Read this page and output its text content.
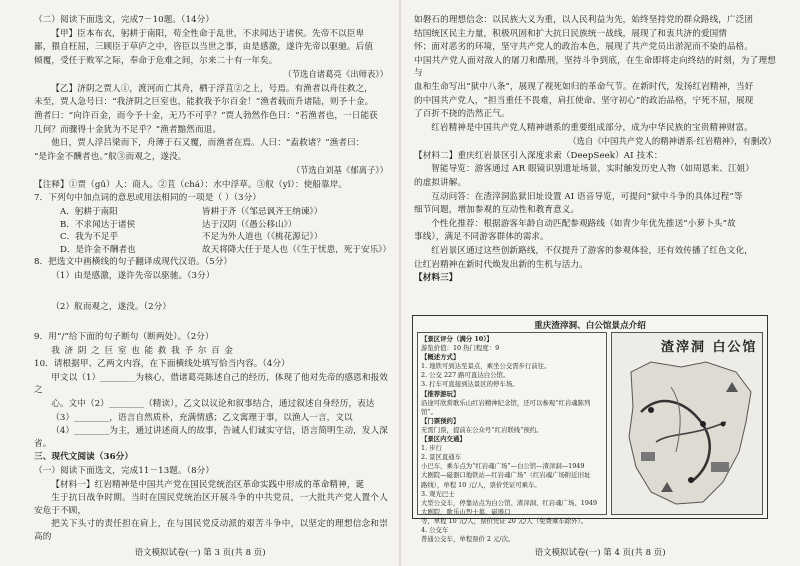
（二）阅读下面选文，完成7－10题。（14分）
【甲】臣本布衣，躬耕于南阳，苟全性命于乱世，不求闻达于诸侯。先帝不以臣卑
鄙，猥自枉屈，三顾臣于草庐之中，咨臣以当世之事，由是感激，遂许先帝以驱驰。后值
倾覆，受任于败军之际，奉命于危难之间，尔来二十有一年矣。
（节选自诸葛亮《出师表》）
【乙】济阴之贾人①，渡河而亡其舟，栖于浮苴②之上，号焉。有渔者以舟往救之，
未至，贾人急号曰：“我济阴之巨室也，能救我予尔百金！”渔者载而升诸陆，则予十金。
渔者曰：“向许百金，而今予十金，无乃不可乎？”贾人勃然作色曰：“若渔者也，一日能获
几何？而骤得十金犹为不足乎？”渔者黯然而退。
他日，贾人浮吕梁而下，舟薄于石又覆，而渔者在焉。人曰：“盍救诸？”渔者曰：
“是许金不酬者也。”舣③而观之，遂没。
（节选自刘基《郁离子》）
【注释】①贾（gǔ）人：商人。②苴（chá）：水中浮草。③舣（yǐ）：使船靠岸。
7．下列句中加点词的意思或用法相同的一项是（ ）（3分）
A．躬耕于南阳	皆耕于齐（《邹忌讽齐王纳谏》）
B．不求闻达于诸侯	达于汉阴（《愚公移山》）
C．我为不足乎	不足为外人道也（《桃花源记》）
D．是许金不酬者也	故天将降大任于是人也（《生于忧患，死于安乐》）
8．把选文中画横线的句子翻译成现代汉语。（5分）
（1）由是感激，遂许先帝以驱驰。（3分）
（2）舣而观之，遂没。（2分）
9．用“/”给下面的句子断句（断两处）。（2分）
我 济 阴 之 巨 室 也 能 救 我 予 尔 百 金
10．请根据甲、乙两文内容，在下面横线处填写恰当内容。（4分）
甲文以（1）________为核心，借诸葛亮陈述自己的经历，体现了他对先帝的感恩和报效之
心。文中（2）________（精读），乙文以议论和叙事结合，通过叙述自身经历，表达
（3）________，语言自然质朴，充满情感；乙文寓理于事，以渔人一言，文以
（4）________为主，通过讲述商人的故事，告诫人们诚实守信，语言简明生动，发人深省。
三、现代文阅读（36分）
（一）阅读下面选文，完成11－13题。（8分）
【材料一】红岩精神是中国共产党在国民党统治区革命实践中形成的革命精神，诞
生于抗日战争时期。当时在国民党统治区开展斗争的中共党员，一大批共产党人置个人安危于不顾，
把关下头寸的责任担在肩上，在与国民党反动派的艰苦斗争中，以坚定的理想信念和崇高的
语文模拟试卷(一) 第 3 页(共 8 页)
如磐石的理想信念：以民族大义为重，以人民利益为先，始终坚持党的群众路线，广泛团
结国统区民主力量，积极巩固和扩大抗日民族统一战线，展现了和衷共济的爱国情
怀；面对恶劣的环境，坚守共产党人的政治本色，展现了共产党员出淤泥而不染的品格。
中国共产党人面对敌人的屠刀和酷刑，坚持斗争到底，在生命即将走向终结的时刻，为了理想与
血和生命写出“狱中八条”，展现了视死如归的革命气节。在新时代，发扬红岩精神，当好
的中国共产党人，“担当重任不畏难，肩扛使命、坚守初心”的政治品格，宁死不屈，展现
了百折不挠的浩然正气。
红岩精神是中国共产党人精神谱系的重要组成部分，成为中华民族的宝贵精神财富。
（选自《中国共产党人的精神谱系·红岩精神》，有删改）
【材料二】重庆红岩景区引入深度求索（DeepSeek）AI 技术：
智能导览：游客通过 AR 眼镜识别遗址场景，实时触发历史人物（如周恩来、江姐）
的虚拟讲解。
互动问答：在渣滓洞监狱旧址设置 AI 语音导览，可提问“狱中斗争的具体过程”等
细节问题，增加参观的互动性和教育意义。
个性化推荐：根据游客年龄自动匹配参观路线（如青少年优先推送“小萝卜头”故
事线），满足不同游客群体的需求。
红岩景区通过这些创新路线，不仅提升了游客的参观体验，还有效传播了红色文化，
让红岩精神在新时代焕发出新的生机与活力。
【材料三】
语文模拟试卷(一) 第 4 页(共 8 页)
重庆渣滓洞、白公馆景点介绍
【景区评分（满分 10）】
游览价值：10 热门程度：9
【概述方式】
1. 地铁可到达至景点，乘坐公交需步行前往。
2. 公交 227 路可直达白公馆。
3. 打车可直接到达景区的停车场。
【推荐游玩】
沿途可欣赏歌乐山红岩精神纪念馆，还可以参观“红岩魂陈列馆”。
【门票预约】
无需门票，提前在公众号“红岩联线”预约。
【景区内交通】
1. 步行
2. 景区直通车
小巴车，乘车点为“红岩魂广场”—白公馆—渣滓洞—1949
大剧院—磁器口地铁站—红岩魂广场”（红岩魂广场附近旧址
路线），单程 10 元/人，票价凭证可乘车。
3. 观光巴士
大型公交车，停靠站点为白公馆、渣滓洞、红岩魂广场、1949 大剧院、歌乐山烈士墓、磁器口
等，单程 10 元/人，票价凭证 20 元/人（免费乘车除外）。
4. 公交车
普通公交车，单程票价 2 元/次。
渣滓洞 白公馆
